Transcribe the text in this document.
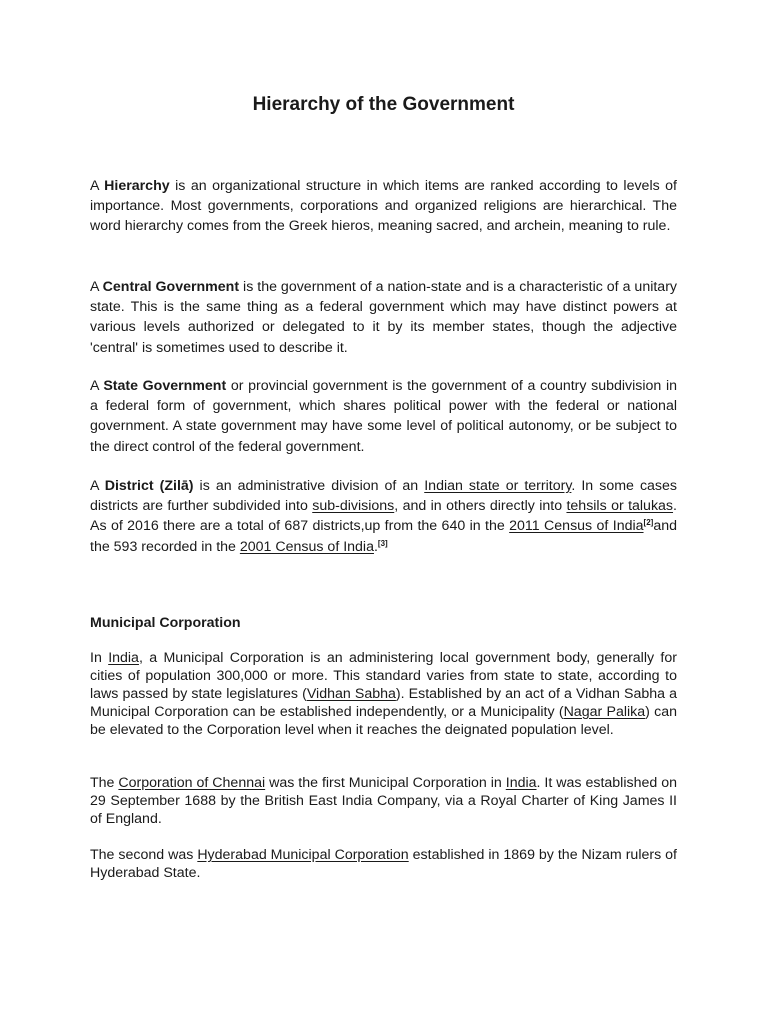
Hierarchy of the Government

A Hierarchy is an organizational structure in which items are ranked according to levels of importance. Most governments, corporations and organized religions are hierarchical. The word hierarchy comes from the Greek hieros, meaning sacred, and archein, meaning to rule.

A Central Government is the government of a nation-state and is a characteristic of a unitary state. This is the same thing as a federal government which may have distinct powers at various levels authorized or delegated to it by its member states, though the adjective 'central' is sometimes used to describe it.

A State Government or provincial government is the government of a country subdivision in a federal form of government, which shares political power with the federal or national government. A state government may have some level of political autonomy, or be subject to the direct control of the federal government.

A District (Zilā) is an administrative division of an Indian state or territory. In some cases districts are further subdivided into sub-divisions, and in others directly into tehsils or talukas. As of 2016 there are a total of 687 districts,up from the 640 in the 2011 Census of India[2]and the 593 recorded in the 2001 Census of India.[3]

Municipal Corporation

In India, a Municipal Corporation is an administering local government body, generally for cities of population 300,000 or more. This standard varies from state to state, according to laws passed by state legislatures (Vidhan Sabha). Established by an act of a Vidhan Sabha a Municipal Corporation can be established independently, or a Municipality (Nagar Palika) can be elevated to the Corporation level when it reaches the deignated population level.

The Corporation of Chennai was the first Municipal Corporation in India. It was established on 29 September 1688 by the British East India Company, via a Royal Charter of King James II of England.

The second was Hyderabad Municipal Corporation established in 1869 by the Nizam rulers of Hyderabad State.
